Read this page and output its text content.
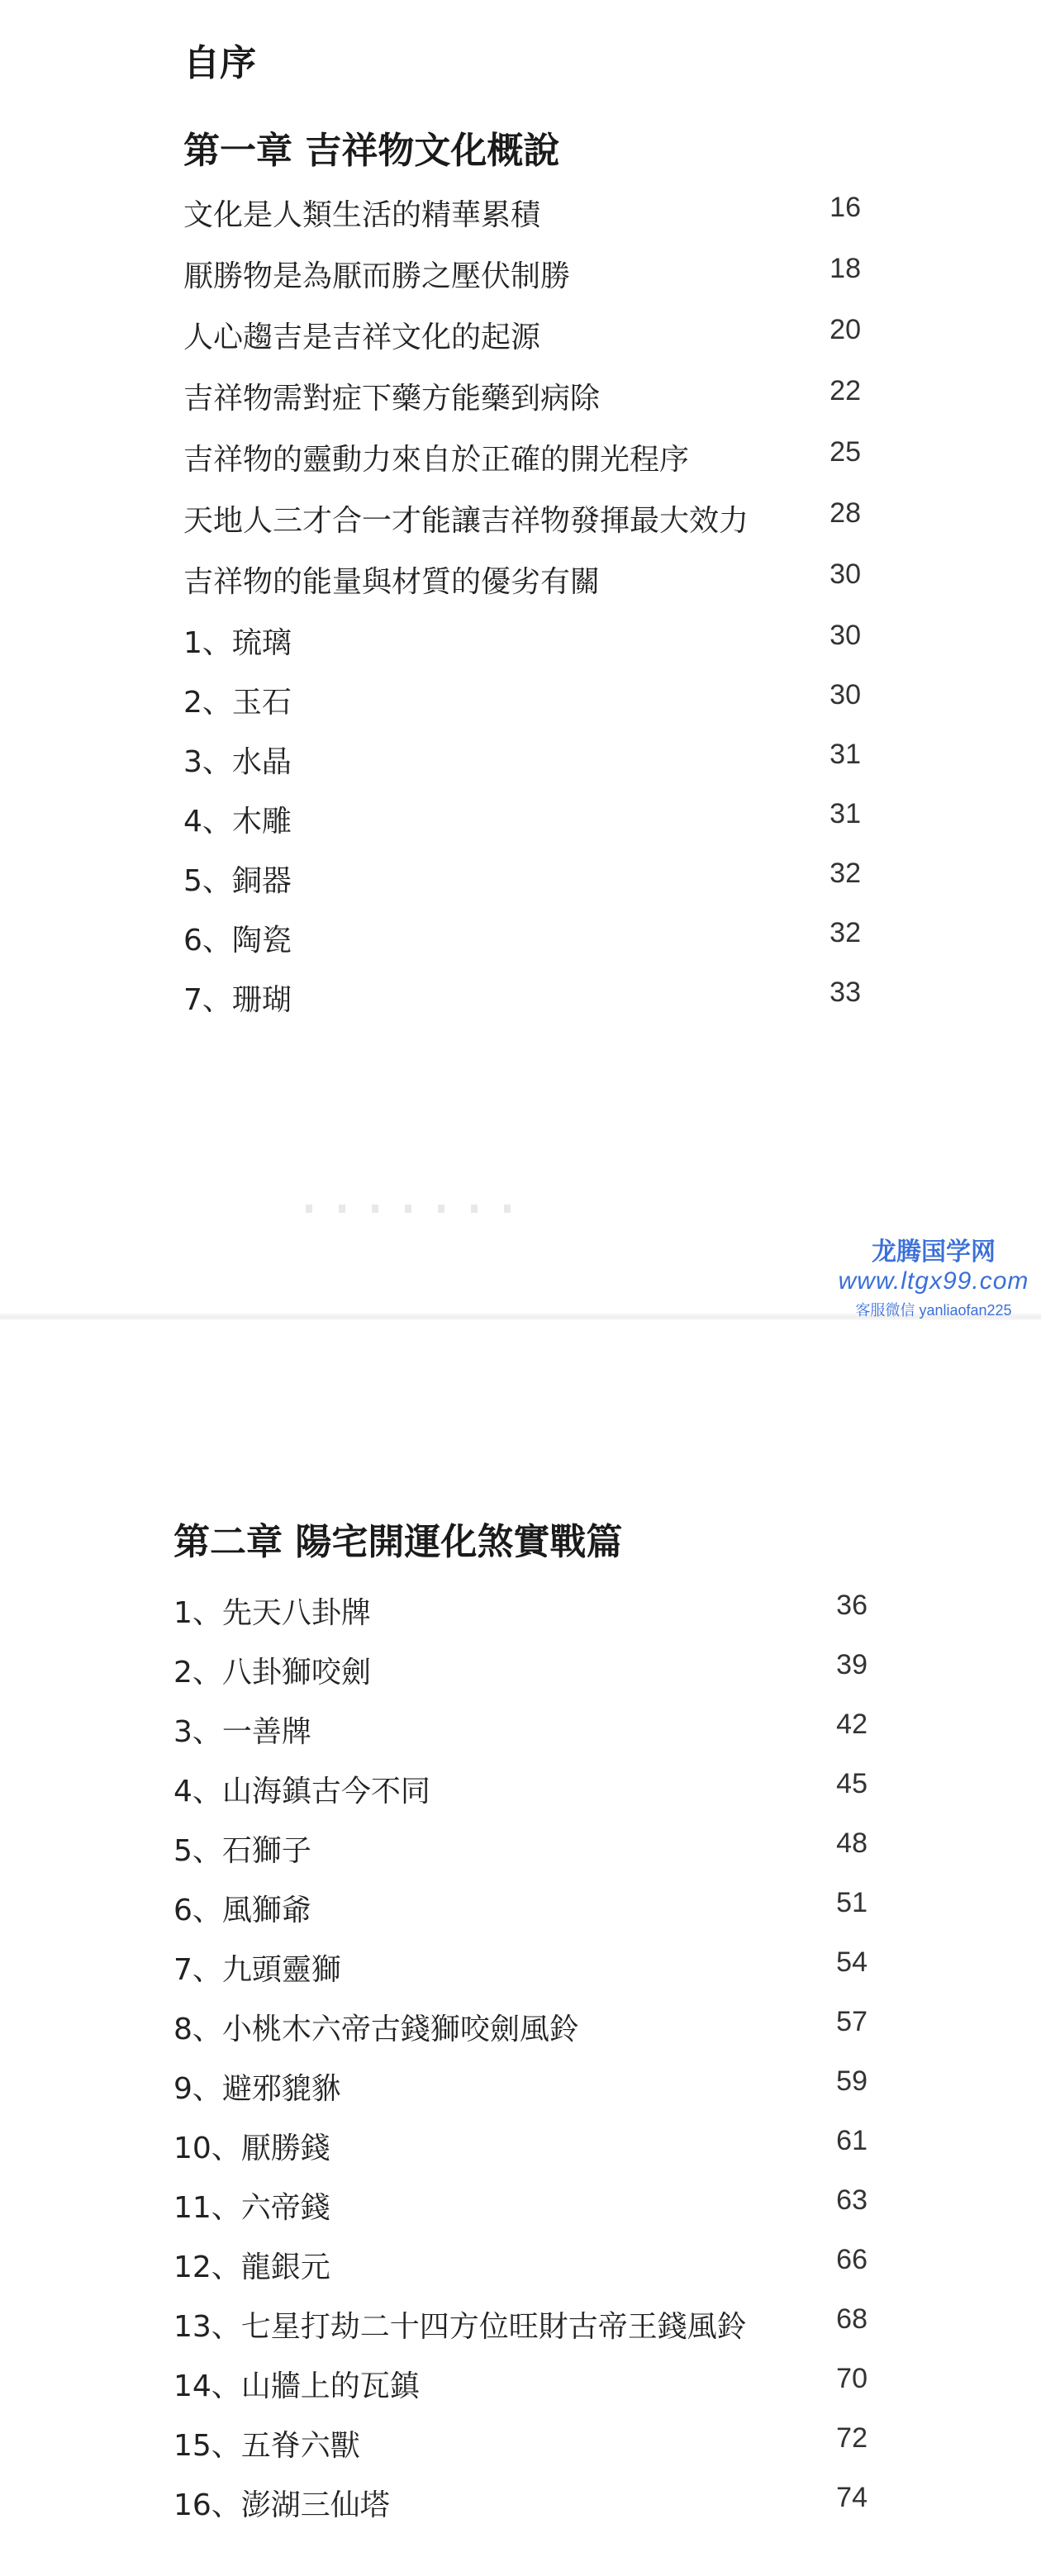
自序
第一章 吉祥物文化概說
文化是人類生活的精華累積	16
厭勝物是為厭而勝之壓伏制勝	18
人心趨吉是吉祥文化的起源	20
吉祥物需對症下藥方能藥到病除	22
吉祥物的靈動力來自於正確的開光程序	25
天地人三才合一才能讓吉祥物發揮最大效力	28
吉祥物的能量與材質的優劣有關	30
1、琉璃	30
2、玉石	30
3、水晶	31
4、木雕	31
5、銅器	32
6、陶瓷	32
7、珊瑚	33
龙腾国学网
www.ltgx99.com
客服微信 yanliaofan225
第二章 陽宅開運化煞實戰篇
1、先天八卦牌	36
2、八卦獅咬劍	39
3、一善牌	42
4、山海鎮古今不同	45
5、石獅子	48
6、風獅爺	51
7、九頭靈獅	54
8、小桃木六帝古錢獅咬劍風鈴	57
9、避邪貔貅	59
10、厭勝錢	61
11、六帝錢	63
12、龍銀元	66
13、七星打劫二十四方位旺財古帝王錢風鈴	68
14、山牆上的瓦鎮	70
15、五脊六獸	72
16、澎湖三仙塔	74
